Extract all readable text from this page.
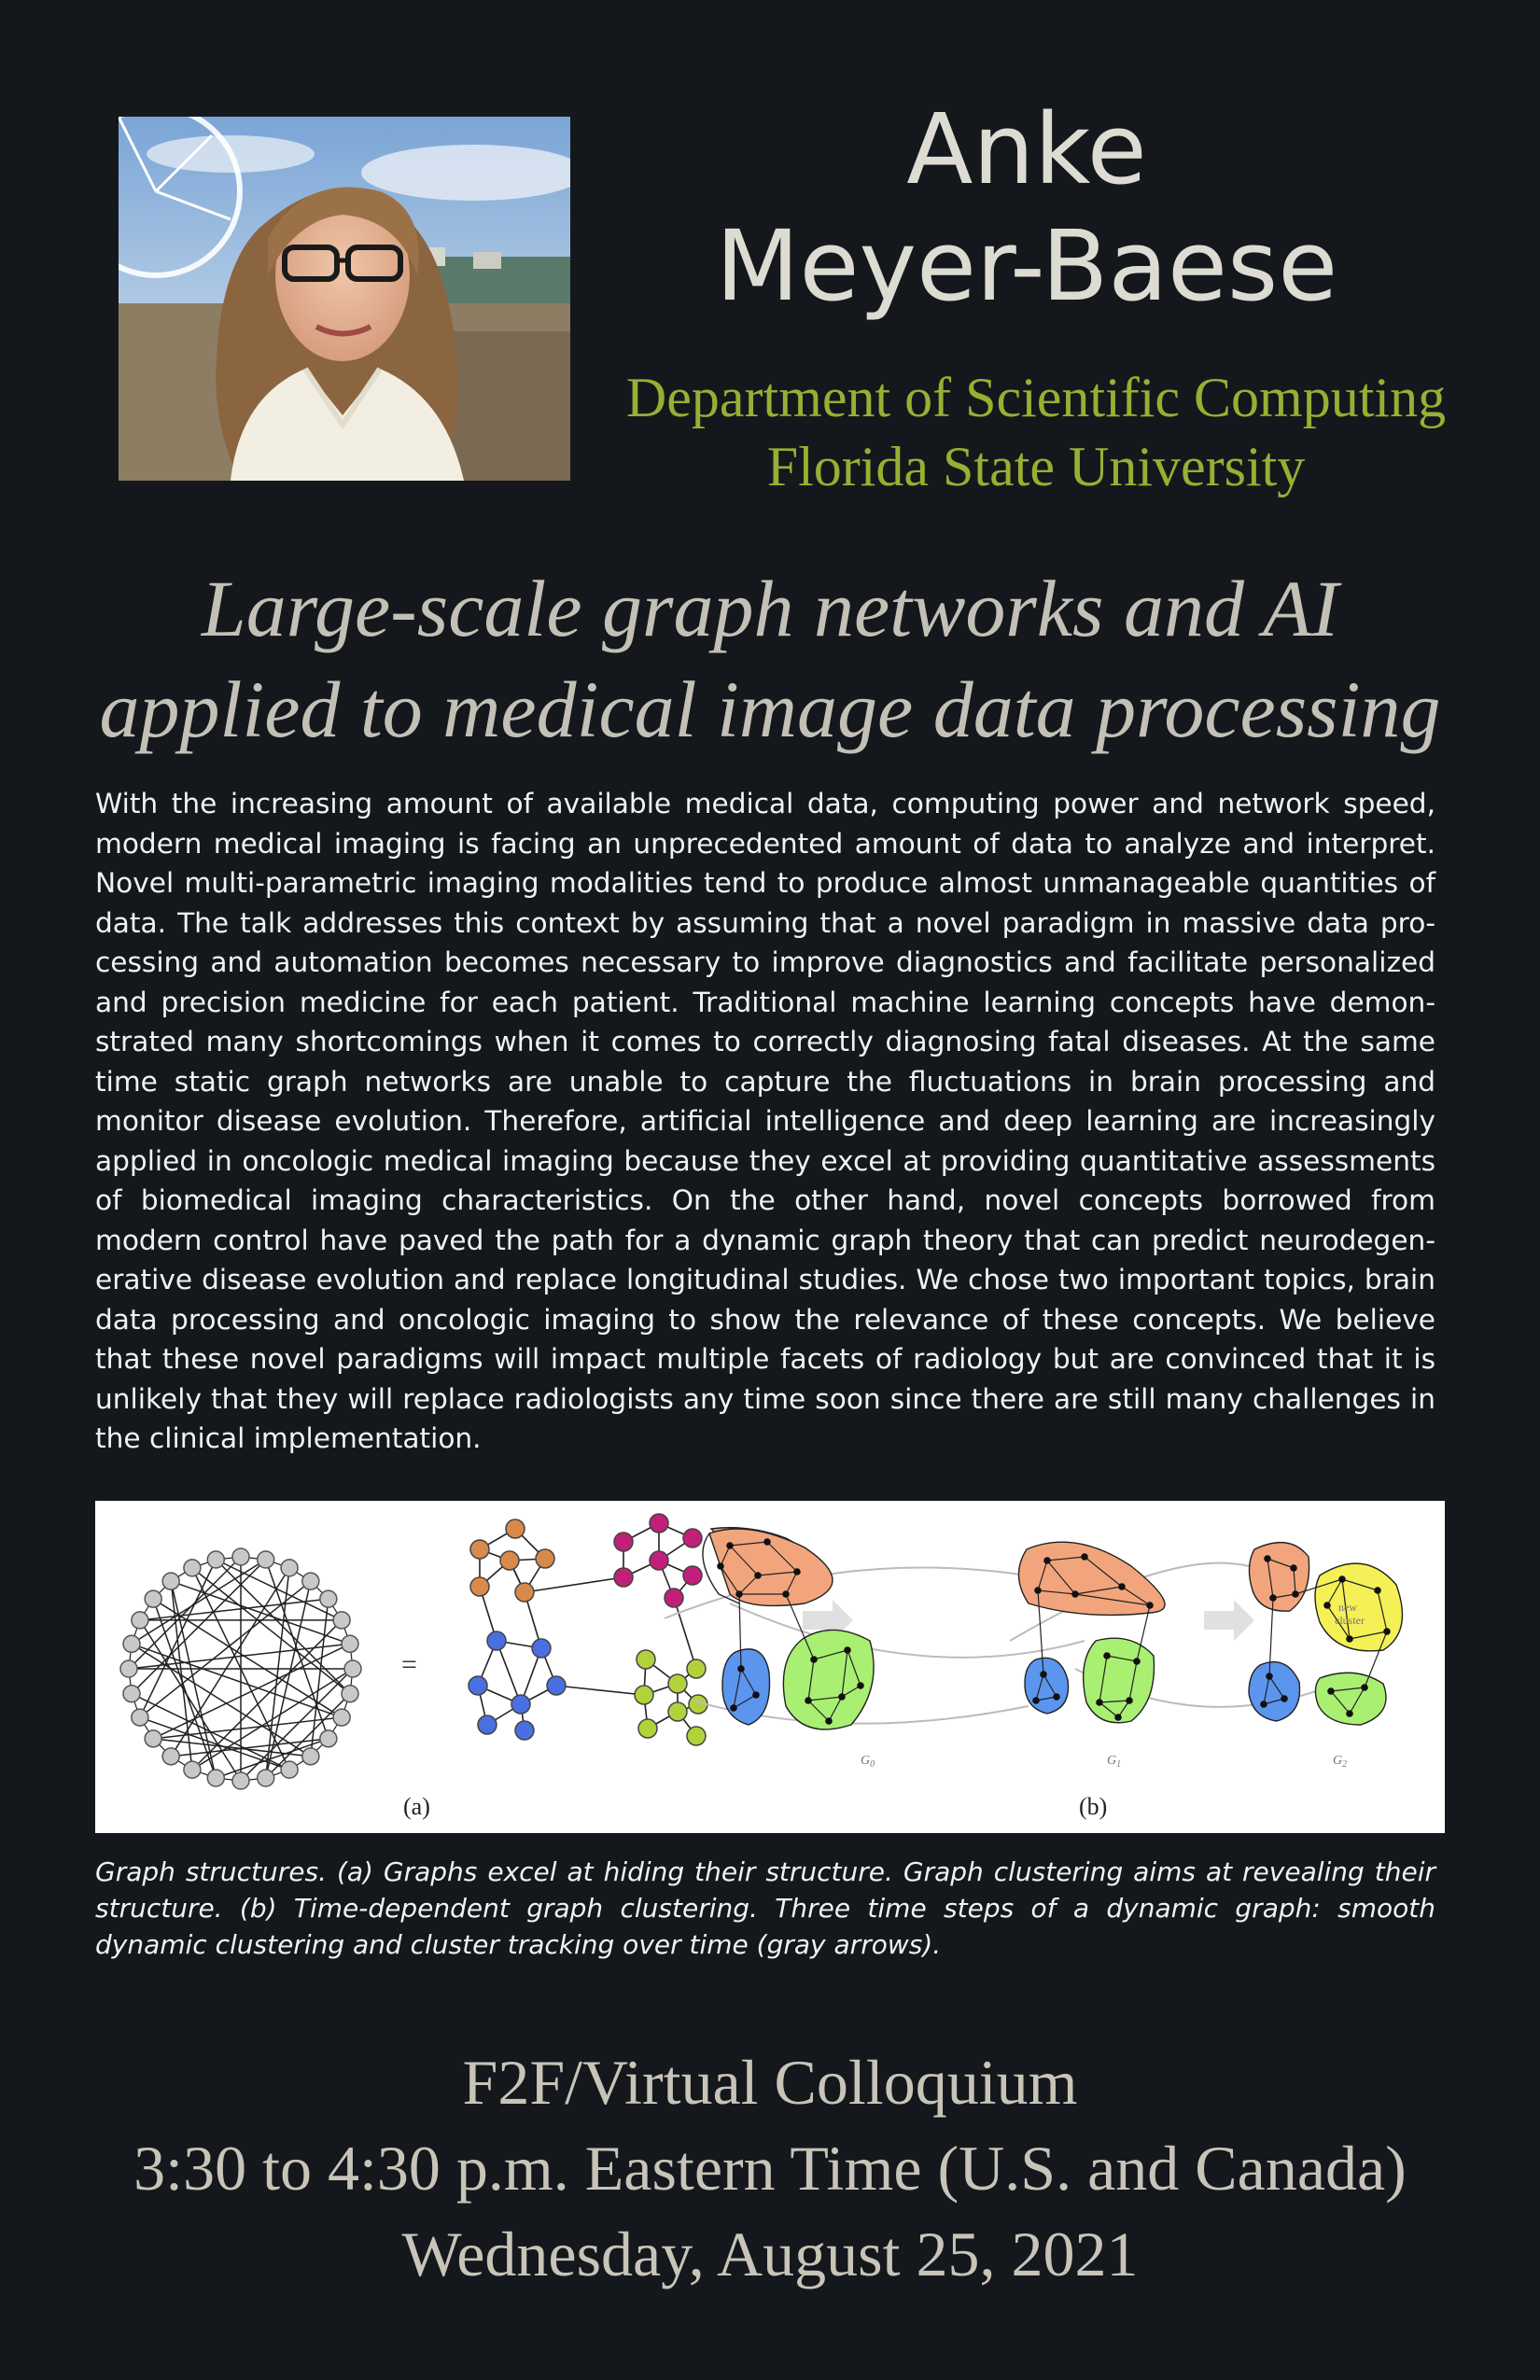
Anke
Meyer-Baese
Department of Scientific Computing
Florida State University
Large-scale graph networks and AI
applied to medical image data processing

With the increasing amount of available medical data, computing power and network speed, modern medical imaging is facing an unprecedented amount of data to analyze and interpret. Novel multi-parametric imaging modalities tend to produce almost unmanageable quantities of data. The talk addresses this context by assuming that a novel paradigm in massive data processing and automation becomes necessary to improve diagnostics and facilitate personalized and precision medicine for each patient. Traditional machine learning concepts have demonstrated many shortcomings when it comes to correctly diagnosing fatal diseases. At the same time static graph networks are unable to capture the fluctuations in brain processing and monitor disease evolution. Therefore, artificial intelligence and deep learning are increasingly applied in oncologic medical imaging because they excel at providing quantitative assessments of biomedical imaging characteristics. On the other hand, novel concepts borrowed from modern control have paved the path for a dynamic graph theory that can predict neurodegenerative disease evolution and replace longitudinal studies. We chose two important topics, brain data processing and oncologic imaging to show the relevance of these concepts. We believe that these novel paradigms will impact multiple facets of radiology but are convinced that it is unlikely that they will replace radiologists any time soon since there are still many challenges in the clinical implementation.

=
(a)
new
cluster
$G_0$	$G_1$	$G_2$
(b)

Graph structures. (a) Graphs excel at hiding their structure. Graph clustering aims at revealing their structure. (b) Time-dependent graph clustering. Three time steps of a dynamic graph: smooth dynamic clustering and cluster tracking over time (gray arrows).

F2F/Virtual Colloquium
3:30 to 4:30 p.m. Eastern Time (U.S. and Canada)
Wednesday, August 25, 2021
